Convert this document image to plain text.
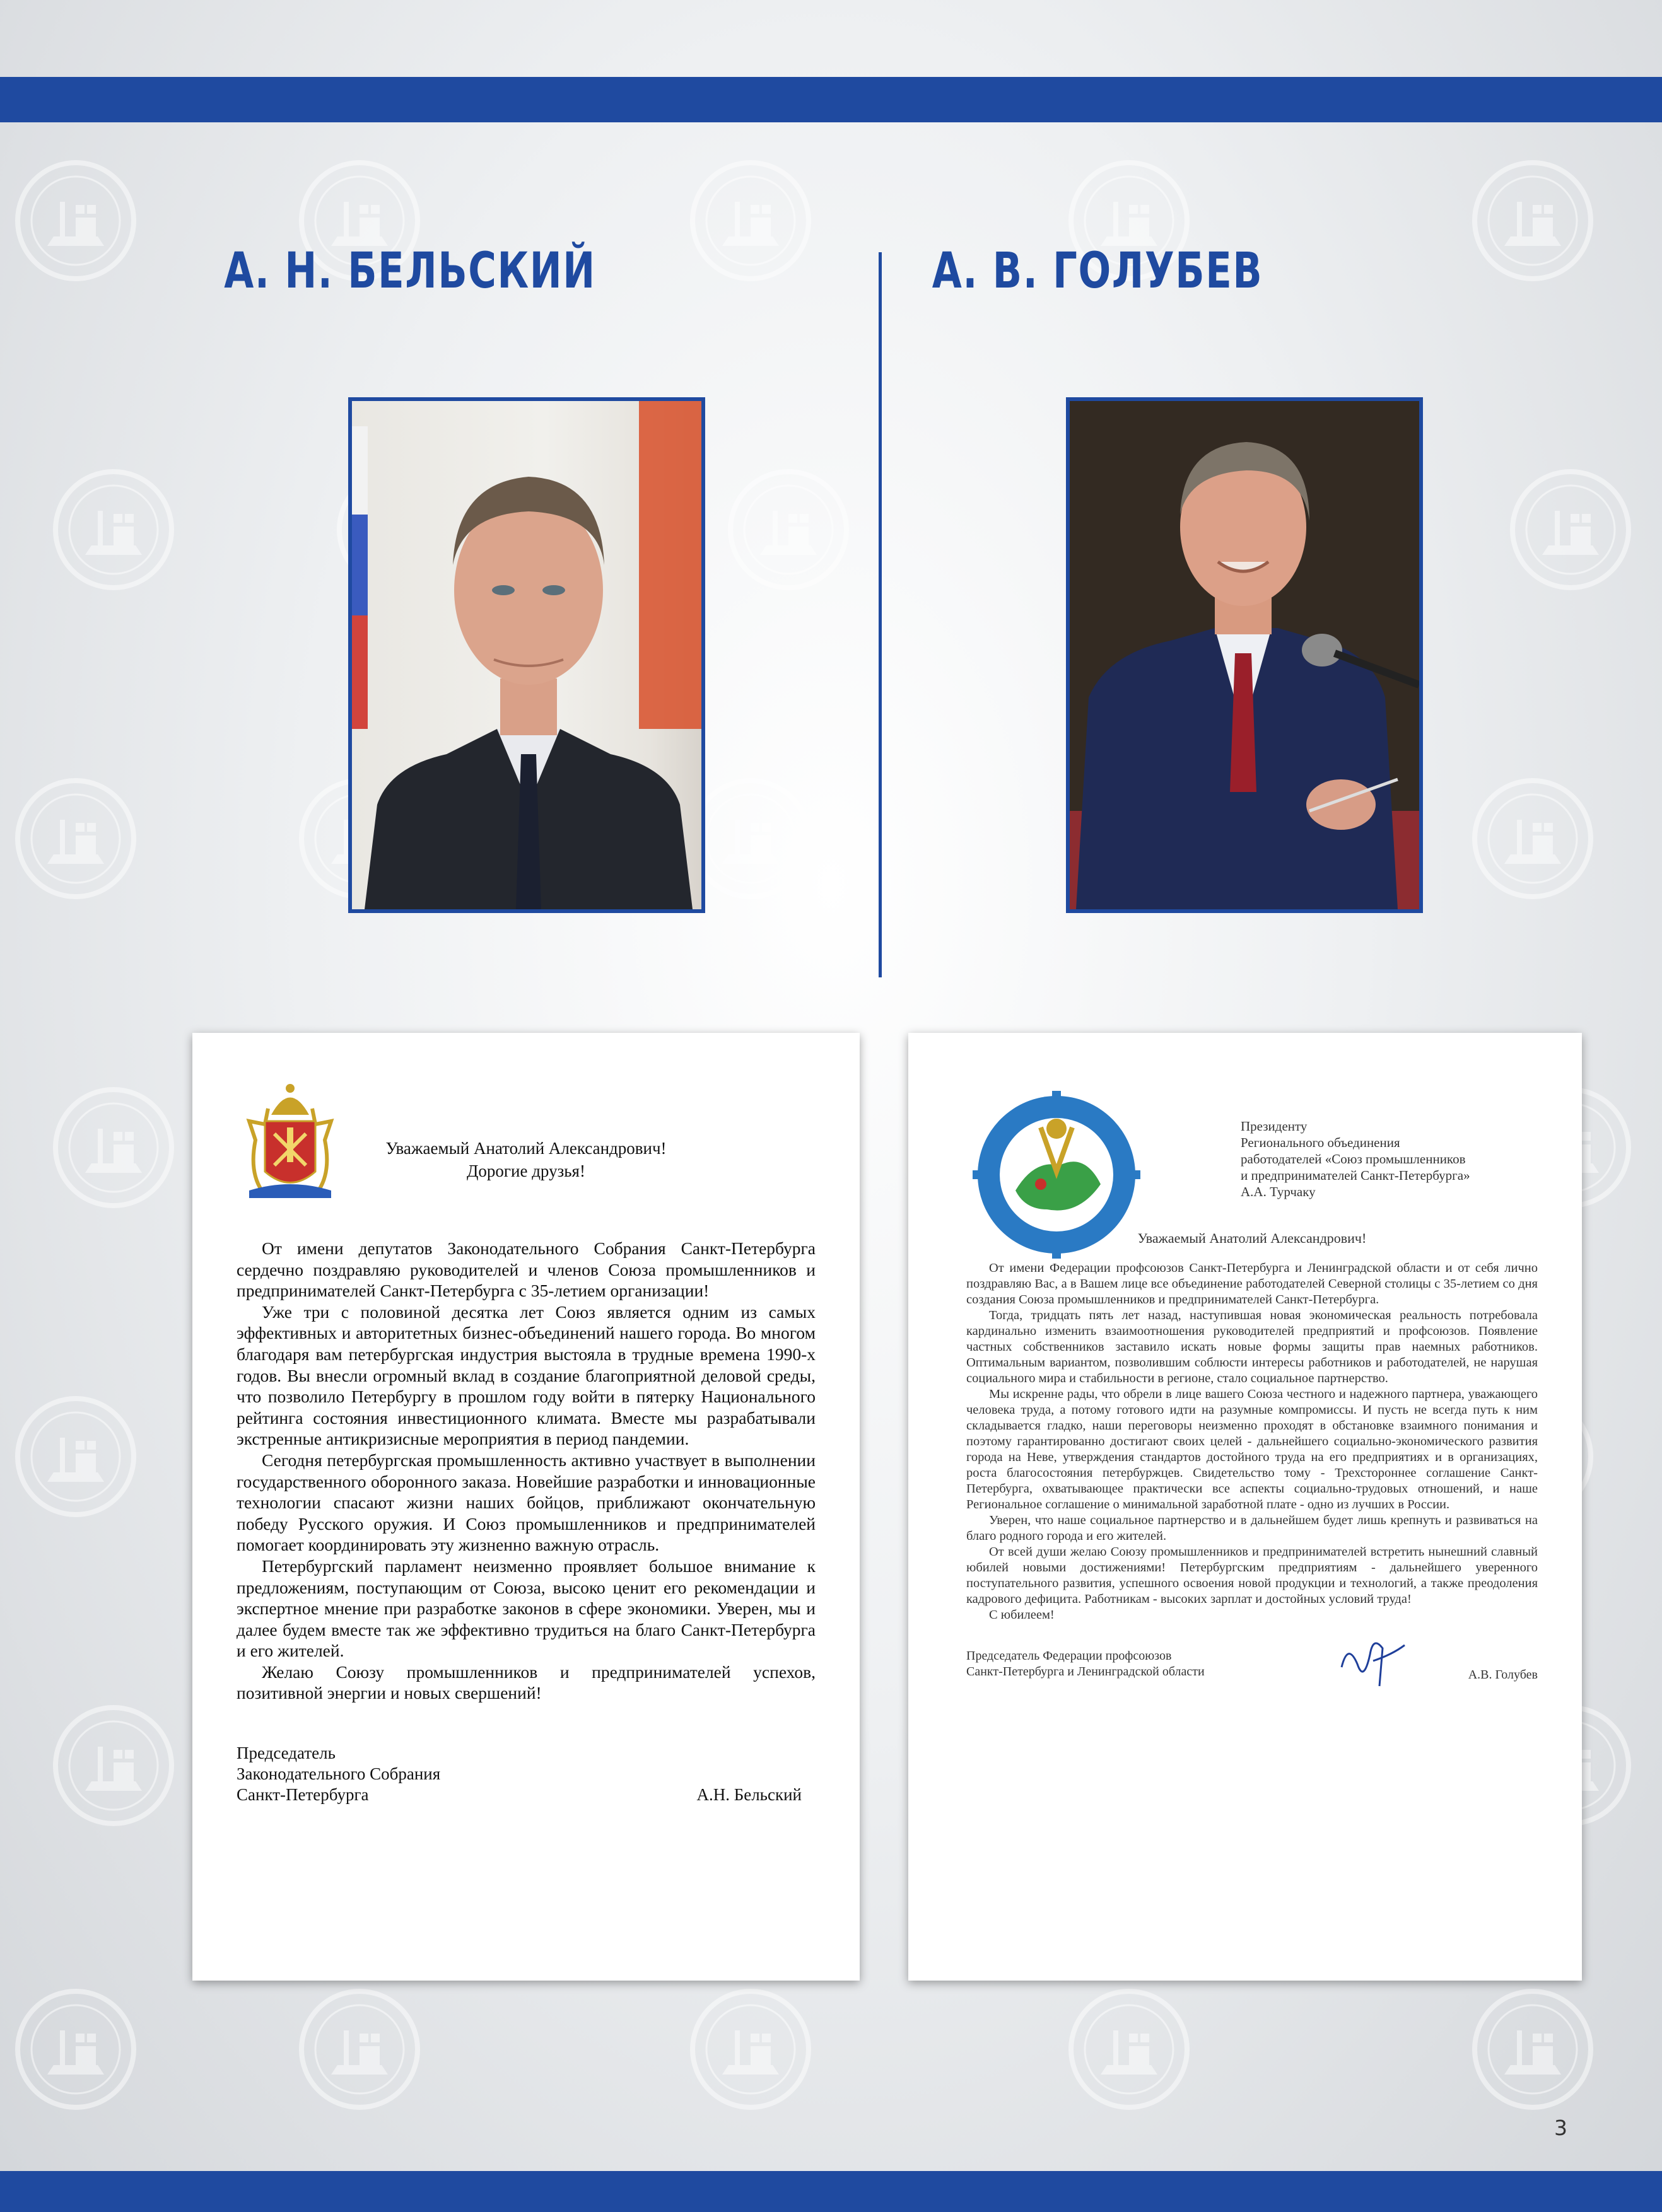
А. Н. БЕЛЬСКИЙ	А. В. ГОЛУБЕВ
Уважаемый Анатолий Александрович!
Дорогие друзья!

От имени депутатов Законодательного Собрания Санкт-Петербурга сердечно поздравляю руководителей и членов Союза промышленников и предпринимателей Санкт-Петербурга с 35-летием организации!

Уже три с половиной десятка лет Союз является одним из самых эффективных и авторитетных бизнес-объединений нашего города. Во многом благодаря вам петербургская индустрия выстояла в трудные времена 1990-х годов. Вы внесли огромный вклад в создание благоприятной деловой среды, что позволило Петербургу в прошлом году войти в пятерку Национального рейтинга состояния инвестиционного климата. Вместе мы разрабатывали экстренные антикризисные мероприятия в период пандемии.

Сегодня петербургская промышленность активно участвует в выполнении государственного оборонного заказа. Новейшие разработки и инновационные технологии спасают жизни наших бойцов, приближают окончательную победу Русского оружия. И Союз промышленников и предпринимателей помогает координировать эту жизненно важную отрасль.

Петербургский парламент неизменно проявляет большое внимание к предложениям, поступающим от Союза, высоко ценит его рекомендации и экспертное мнение при разработке законов в сфере экономики. Уверен, мы и далее будем вместе так же эффективно трудиться на благо Санкт-Петербурга и его жителей.

Желаю Союзу промышленников и предпринимателей успехов, позитивной энергии и новых свершений!

Председатель
Законодательного Собрания
Санкт-Петербурга	А.Н. Бельский
Президенту
Регионального объединения
работодателей «Союз промышленников
и предпринимателей Санкт-Петербурга»
А.А. Турчаку
Уважаемый Анатолий Александрович!

От имени Федерации профсоюзов Санкт-Петербурга и Ленинградской области и от себя лично поздравляю Вас, а в Вашем лице все объединение работодателей Северной столицы с 35-летием со дня создания Союза промышленников и предпринимателей Санкт-Петербурга.

Тогда, тридцать пять лет назад, наступившая новая экономическая реальность потребовала кардинально изменить взаимоотношения руководителей предприятий и профсоюзов. Появление частных собственников заставило искать новые формы защиты прав наемных работников. Оптимальным вариантом, позволившим соблюсти интересы работников и работодателей, не нарушая социального мира и стабильности в регионе, стало социальное партнерство.

Мы искренне рады, что обрели в лице вашего Союза честного и надежного партнера, уважающего человека труда, а потому готового идти на разумные компромиссы. И пусть не всегда путь к ним складывается гладко, наши переговоры неизменно проходят в обстановке взаимного понимания и поэтому гарантированно достигают своих целей - дальнейшего социально-экономического развития города на Неве, утверждения стандартов достойного труда на его предприятиях и в организациях, роста благосостояния петербуржцев. Свидетельство тому - Трехстороннее соглашение Санкт-Петербурга, охватывающее практически все аспекты социально-трудовых отношений, и наше Региональное соглашение о минимальной заработной плате - одно из лучших в России.

Уверен, что наше социальное партнерство и в дальнейшем будет лишь крепнуть и развиваться на благо родного города и его жителей.

От всей души желаю Союзу промышленников и предпринимателей встретить нынешний славный юбилей новыми достижениями! Петербургским предприятиям - дальнейшего уверенного поступательного развития, успешного освоения новой продукции и технологий, а также преодоления кадрового дефицита. Работникам - высоких зарплат и достойных условий труда!

С юбилеем!

Председатель Федерации профсоюзов
Санкт-Петербурга и Ленинградской области	А.В. Голубев
3
